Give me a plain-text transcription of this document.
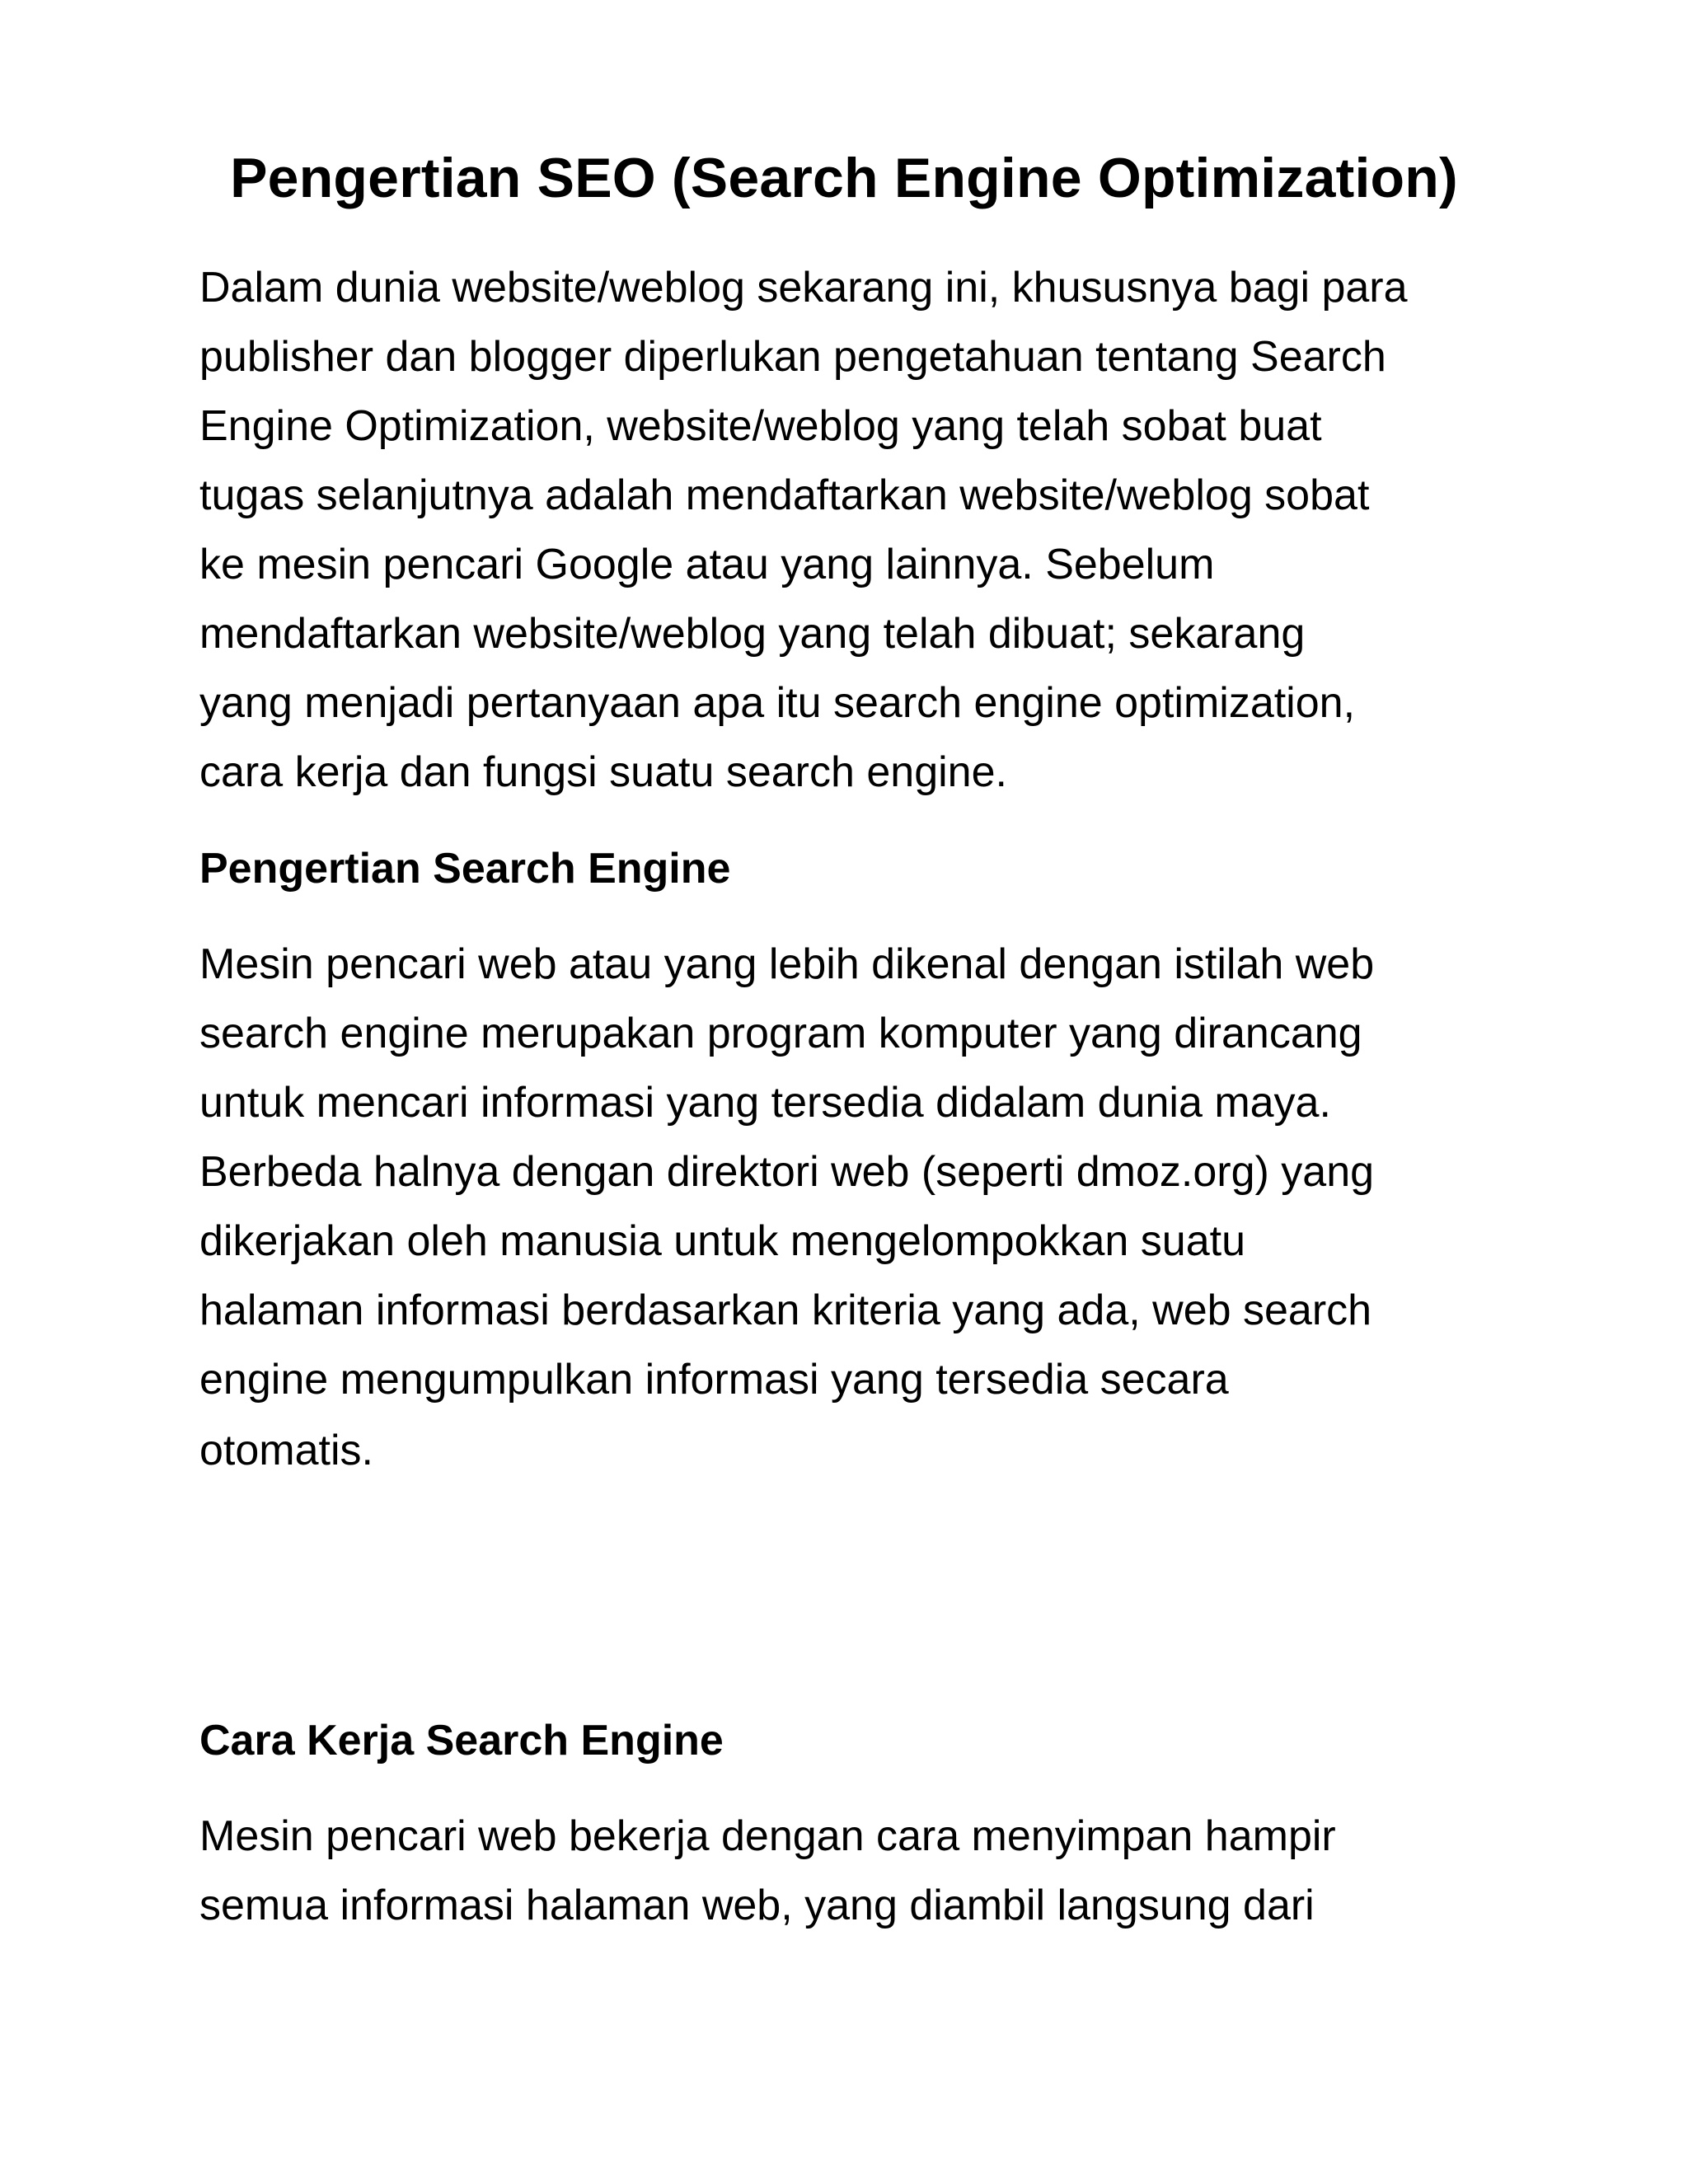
Pengertian SEO (Search Engine Optimization)

Dalam dunia website/weblog sekarang ini, khususnya bagi para

publisher dan blogger diperlukan pengetahuan tentang Search

Engine Optimization, website/weblog yang telah sobat buat

tugas selanjutnya adalah mendaftarkan website/weblog sobat

ke mesin pencari Google atau yang lainnya. Sebelum

mendaftarkan website/weblog yang telah dibuat; sekarang

yang menjadi pertanyaan apa itu search engine optimization,

cara kerja dan fungsi suatu search engine.

Pengertian Search Engine

Mesin pencari web atau yang lebih dikenal dengan istilah web

search engine merupakan program komputer yang dirancang

untuk mencari informasi yang tersedia didalam dunia maya.

Berbeda halnya dengan direktori web (seperti dmoz.org) yang

dikerjakan oleh manusia untuk mengelompokkan suatu

halaman informasi berdasarkan kriteria yang ada, web search

engine mengumpulkan informasi yang tersedia secara

otomatis.

Cara Kerja Search Engine

Mesin pencari web bekerja dengan cara menyimpan hampir

semua informasi halaman web, yang diambil langsung dari
